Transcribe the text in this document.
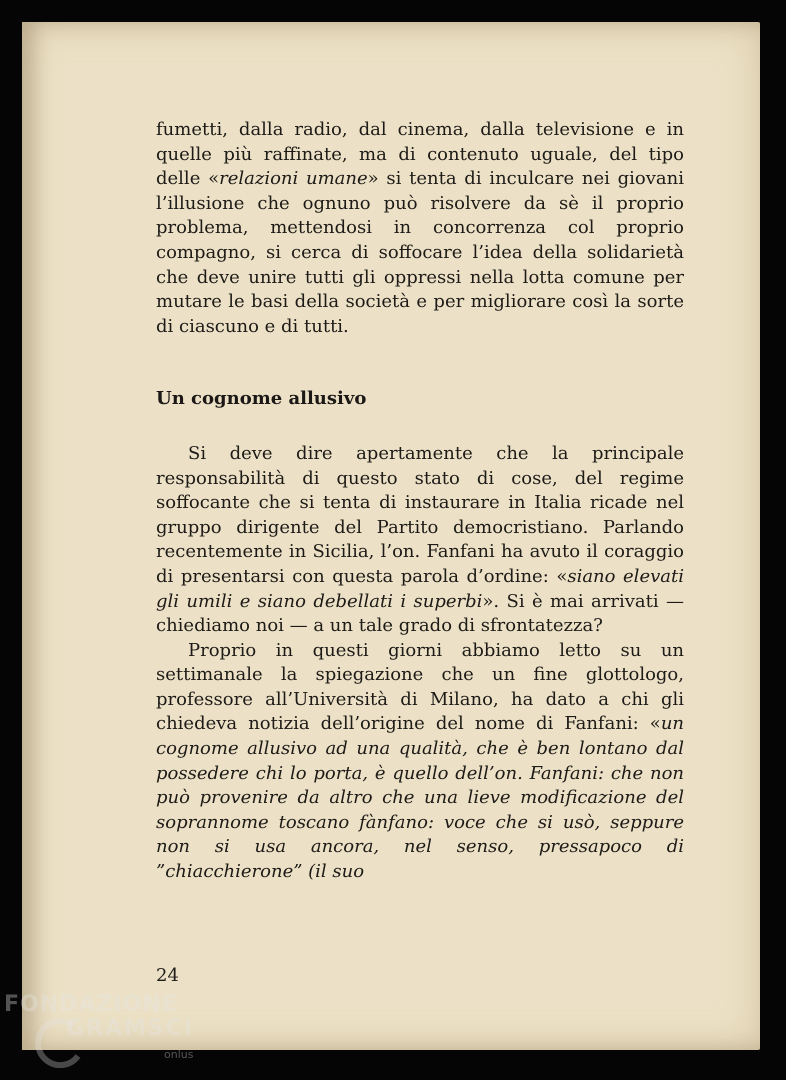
fumetti, dalla radio, dal cinema, dalla televisione e in quelle più raffinate, ma di contenuto uguale, del tipo delle «relazioni umane» si tenta di inculcare nei giovani l’illusione che ognuno può risolvere da sè il proprio problema, mettendosi in concorrenza col proprio compagno, si cerca di soffocare l’idea della solidarietà che deve unire tutti gli oppressi nella lotta comune per mutare le basi della società e per migliorare così la sorte di ciascuno e di tutti.

Un cognome allusivo

Si deve dire apertamente che la principale responsabilità di questo stato di cose, del regime soffocante che si tenta di instaurare in Italia ricade nel gruppo dirigente del Partito democristiano. Parlando recentemente in Sicilia, l’on. Fanfani ha avuto il coraggio di presentarsi con questa parola d’ordine: «siano elevati gli umili e siano debellati i superbi». Si è mai arrivati — chiediamo noi — a un tale grado di sfrontatezza?

Proprio in questi giorni abbiamo letto su un settimanale la spiegazione che un fine glottologo, professore all’Università di Milano, ha dato a chi gli chiedeva notizia dell’origine del nome di Fanfani: «un cognome allusivo ad una qualità, che è ben lontano dal possedere chi lo porta, è quello dell’on. Fanfani: che non può provenire da altro che una lieve modificazione del soprannome toscano fànfano: voce che si usò, seppure non si usa ancora, nel senso, pressapoco di ”chiacchierone” (il suo

24
FONDAZIONE
GRAMSCI
onlus
